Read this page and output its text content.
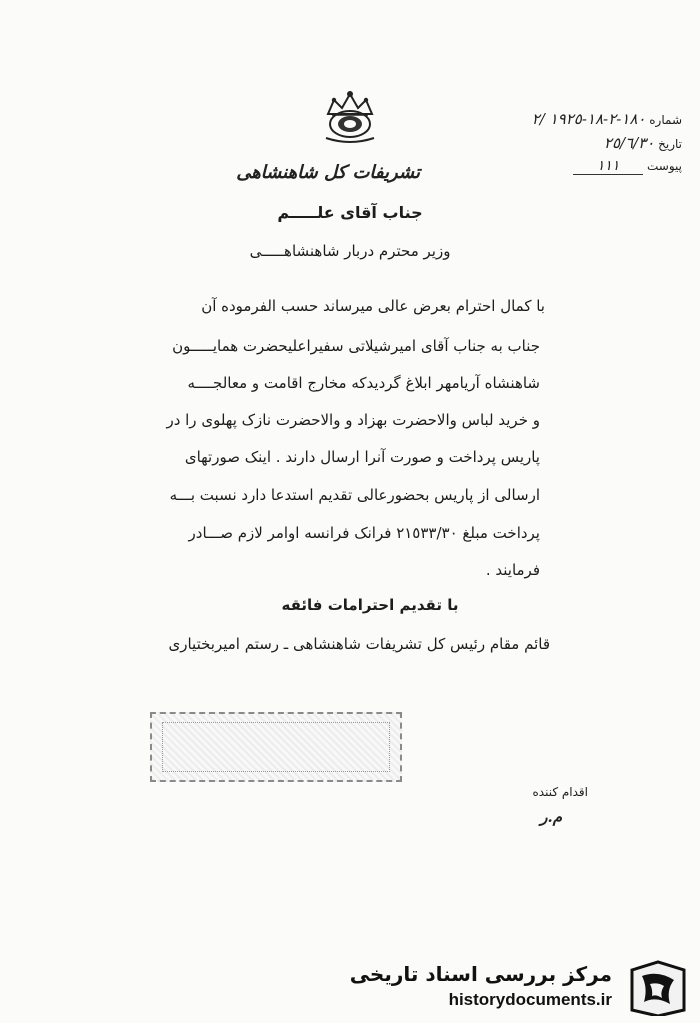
شماره ١٨٠-٢-١٨-١٩٢٥ /٢
تاریخ ٢٥/٦/٣٠
پیوست ١١١
تشریفات کل شاهنشاهی
جناب آقای علـــــم
وزیر محترم دربار شاهنشاهـــــی
با کمال احترام بعرض عالی میرساند حسب الفرموده آن
جناب به جناب آقای امیرشیلاتی سفیراعلیحضرت همایـــــون
شاهنشاه آریامهر ابلاغ گردیدکه مخارج اقامت و معالجــــه
و خرید لباس والاحضرت بهزاد و والاحضرت نازک پهلوی را در
پاریس پرداخت و صورت آنرا ارسال دارند . اینک صورتهای
ارسالی از پاریس بحضورعالی تقدیم استدعا دارد نسبت بـــه
پرداخت مبلغ ٢١٥٣٣/٣٠ فرانک فرانسه اوامر لازم صـــادر
فرمایند .
با تقدیم احترامات فائقه
قائم مقام رئیس کل تشریفات شاهنشاهی ـ رستم امیربختیاری
اقدام کننده
م.ر
مرکز بررسی اسناد تاریخی
historydocuments.ir
